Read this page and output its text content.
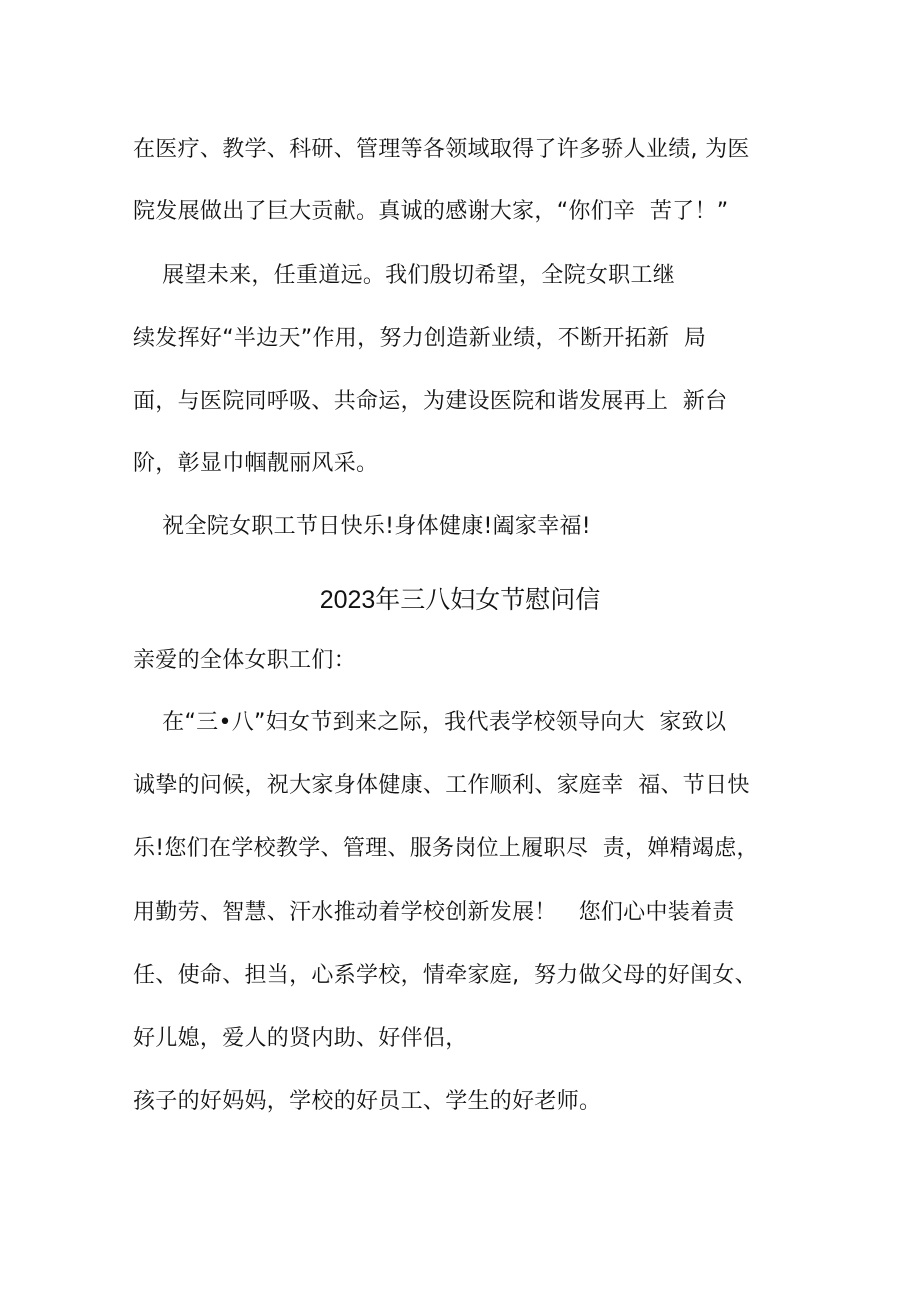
在医疗、教学、科研、管理等各领域取得了许多骄人业绩, 为医
院发展做出了巨大贡献。真诚的感谢大家，“你们辛  苦了！”
展望未来，任重道远。我们殷切希望，全院女职工继
续发挥好“半边天”作用，努力创造新业绩，不断开拓新  局
面，与医院同呼吸、共命运，为建设医院和谐发展再上  新台
阶，彰显巾帼靓丽风采。
祝全院女职工节日快乐!身体健康!阖家幸福!
2023年三八妇女节慰问信
亲爱的全体女职工们：
在“三•八”妇女节到来之际，我代表学校领导向大  家致以
诚挚的问候，祝大家身体健康、工作顺利、家庭幸  福、节日快
乐!您们在学校教学、管理、服务岗位上履职尽  责，婵精竭虑，
用勤劳、智慧、汗水推动着学校创新发展！   您们心中装着责
任、使命、担当，心系学校，情牵家庭,  努力做父母的好闺女、
好儿媳，爱人的贤内助、好伴侣，
孩子的好妈妈，学校的好员工、学生的好老师。
